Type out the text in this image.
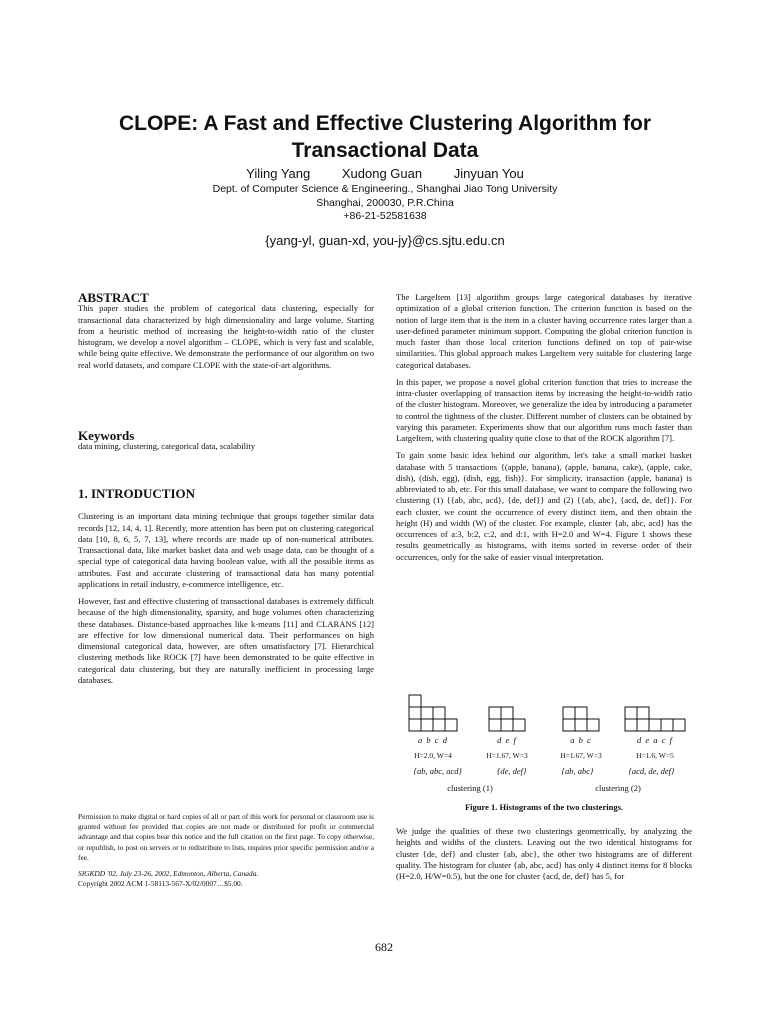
CLOPE: A Fast and Effective Clustering Algorithm for
Transactional Data
Yiling Yang Xudong Guan Jinyuan You
Dept. of Computer Science & Engineering., Shanghai Jiao Tong University
Shanghai, 200030, P.R.China
+86-21-52581638
{yang-yl, guan-xd, you-jy}@cs.sjtu.edu.cn
ABSTRACT

This paper studies the problem of categorical data clustering, especially for transactional data characterized by high dimensionality and large volume. Starting from a heuristic method of increasing the height-to-width ratio of the cluster histogram, we develop a novel algorithm – CLOPE, which is very fast and scalable, while being quite effective. We demonstrate the performance of our algorithm on two real world datasets, and compare CLOPE with the state-of-art algorithms.

Keywords

data mining, clustering, categorical data, scalability

1. INTRODUCTION

Clustering is an important data mining technique that groups together similar data records [12, 14, 4, 1]. Recently, more attention has been put on clustering categorical data [10, 8, 6, 5, 7, 13], where records are made up of non-numerical attributes. Transactional data, like market basket data and web usage data, can be thought of a special type of categorical data having boolean value, with all the possible items as attributes. Fast and accurate clustering of transactional data has many potential applications in retail industry, e-commerce intelligence, etc.

However, fast and effective clustering of transactional databases is extremely difficult because of the high dimensionality, sparsity, and huge volumes often characterizing these databases. Distance-based approaches like k-means [11] and CLARANS [12] are effective for low dimensional numerical data. Their performances on high dimensional categorical data, however, are often unsatisfactory [7]. Hierarchical clustering methods like ROCK [7] have been demonstrated to be quite effective in categorical data clustering, but they are naturally inefficient in processing large databases.

Permission to make digital or hard copies of all or part of this work for personal or classroom use is granted without fee provided that copies are not made or distributed for profit or commercial advantage and that copies bear this notice and the full citation on the first page. To copy otherwise, or republish, to post on servers or to redistribute to lists, requires prior specific permission and/or a fee.

SIGKDD '02, July 23-26, 2002, Edmonton, Alberta, Canada.
Copyright 2002 ACM 1-58113-567-X/02/0007…$5.00.

The LargeItem [13] algorithm groups large categorical databases by iterative optimization of a global criterion function. The criterion function is based on the notion of large item that is the item in a cluster having occurrence rates larger than a user-defined parameter minimum support. Computing the global criterion function is much faster than those local criterion functions defined on top of pair-wise similarities. This global approach makes LargeItem very suitable for clustering large categorical databases.

In this paper, we propose a novel global criterion function that tries to increase the intra-cluster overlapping of transaction items by increasing the height-to-width ratio of the cluster histogram. Moreover, we generalize the idea by introducing a parameter to control the tightness of the cluster. Different number of clusters can be obtained by varying this parameter. Experiments show that our algorithm runs much faster than LargeItem, with clustering quality quite close to that of the ROCK algorithm [7].

To gain some basic idea behind our algorithm, let's take a small market basket database with 5 transactions {(apple, banana), (apple, banana, cake), (apple, cake, dish), (dish, egg), (dish, egg, fish)}. For simplicity, transaction (apple, banana) is abbreviated to ab, etc. For this small database, we want to compare the following two clustering (1) {{ab, abc, acd}, {de, def}} and (2) {{ab, abc}, {acd, de, def}}. For each cluster, we count the occurrence of every distinct item, and then obtain the height (H) and width (W) of the cluster. For example, cluster {ab, abc, acd} has the occurrences of a:3, b:2, c:2, and d:1, with H=2.0 and W=4. Figure 1 shows these results geometrically as histograms, with items sorted in reverse order of their occurrences, only for the sake of easier visual interpretation.

a b c d
H=2.0, W=4
d e f
H=1.67, W=3
a b c
H=1.67, W=3
d e a c f
H=1.6, W=5
{ab, abc, acd}	{de, def}	{ab, abc}	{acd, de, def}
clustering (1)	clustering (2)
Figure 1. Histograms of the two clusterings.

We judge the qualities of these two clusterings geometrically, by analyzing the heights and widths of the clusters. Leaving out the two identical histograms for cluster {de, def} and cluster {ab, abc}, the other two histograms are of different quality. The histogram for cluster {ab, abc, acd} has only 4 distinct items for 8 blocks (H=2.0, H/W=0.5), but the one for cluster {acd, de, def} has 5, for

682
